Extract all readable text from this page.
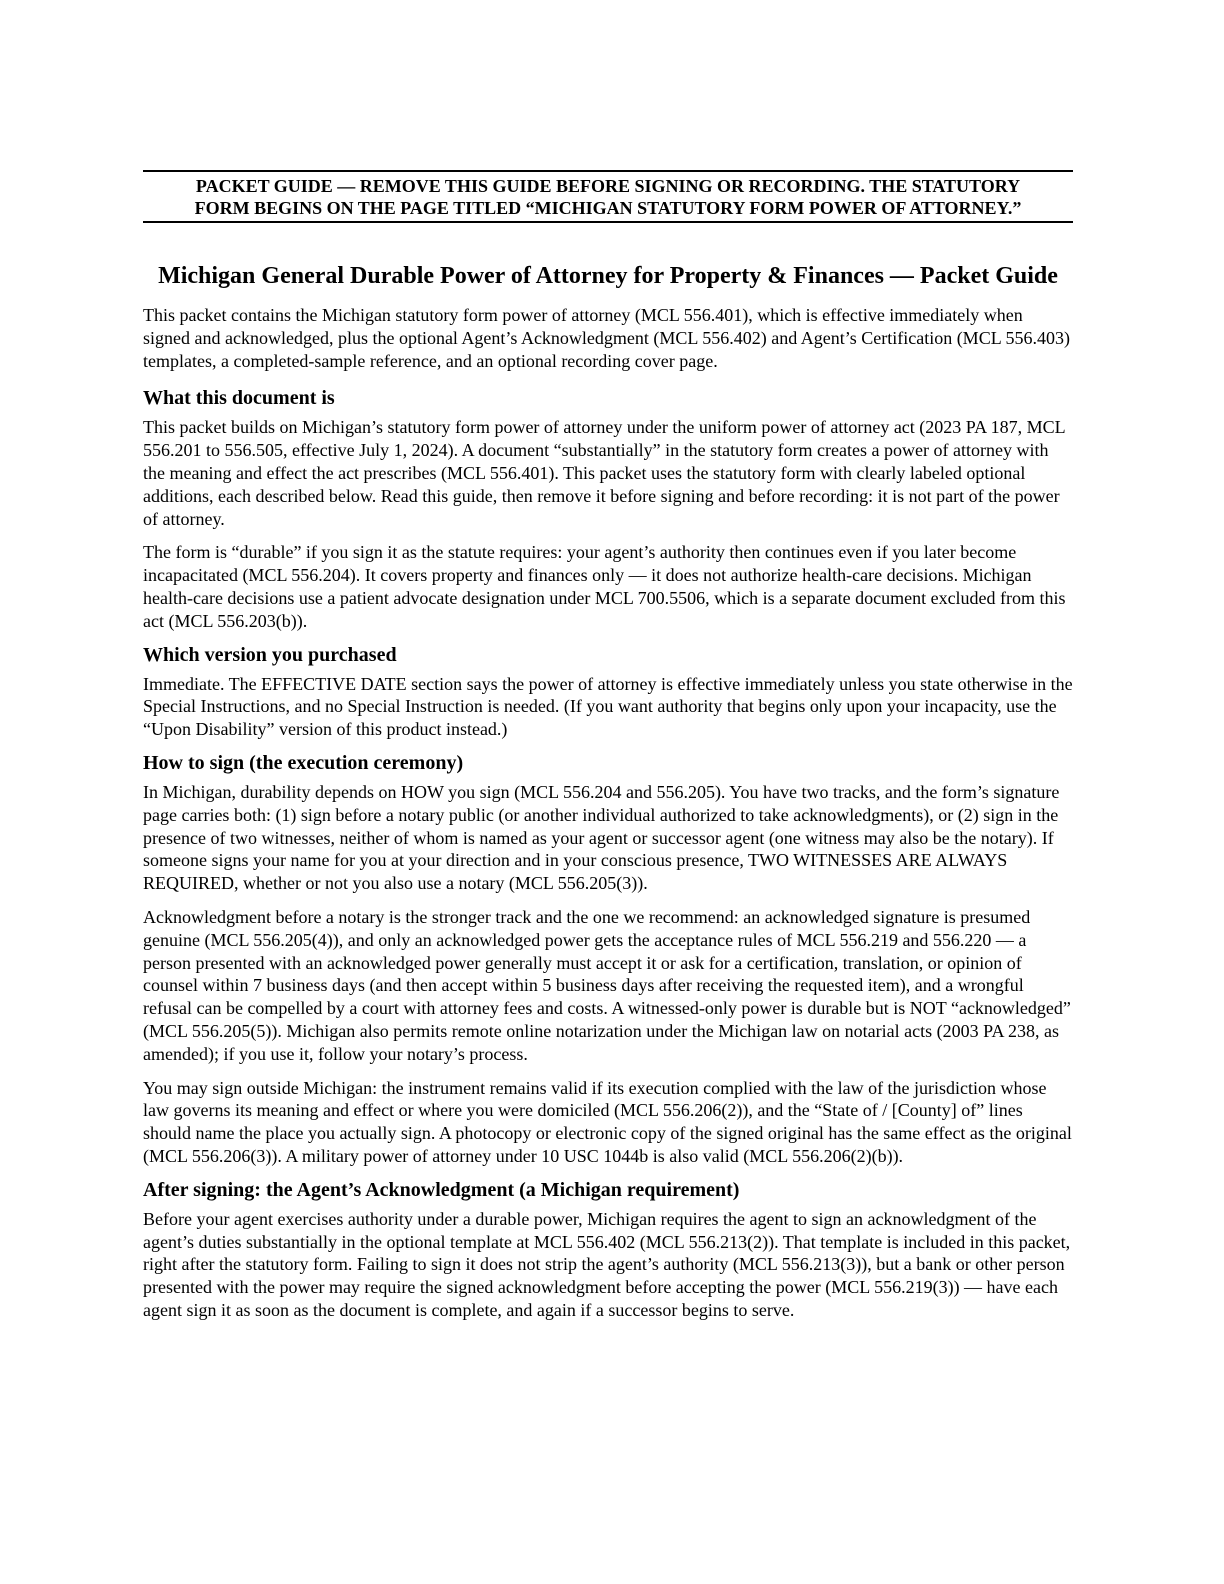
PACKET GUIDE — REMOVE THIS GUIDE BEFORE SIGNING OR RECORDING. THE STATUTORY
FORM BEGINS ON THE PAGE TITLED “MICHIGAN STATUTORY FORM POWER OF ATTORNEY.”
Michigan General Durable Power of Attorney for Property & Finances — Packet Guide

This packet contains the Michigan statutory form power of attorney (MCL 556.401), which is effective immediately when signed and acknowledged, plus the optional Agent’s Acknowledgment (MCL 556.402) and Agent’s Certification (MCL 556.403) templates, a completed-sample reference, and an optional recording cover page.

What this document is

This packet builds on Michigan’s statutory form power of attorney under the uniform power of attorney act (2023 PA 187, MCL 556.201 to 556.505, effective July 1, 2024). A document “substantially” in the statutory form creates a power of attorney with the meaning and effect the act prescribes (MCL 556.401). This packet uses the statutory form with clearly labeled optional additions, each described below. Read this guide, then remove it before signing and before recording: it is not part of the power of attorney.

The form is “durable” if you sign it as the statute requires: your agent’s authority then continues even if you later become incapacitated (MCL 556.204). It covers property and finances only — it does not authorize health-care decisions. Michigan health-care decisions use a patient advocate designation under MCL 700.5506, which is a separate document excluded from this act (MCL 556.203(b)).

Which version you purchased

Immediate. The EFFECTIVE DATE section says the power of attorney is effective immediately unless you state otherwise in the Special Instructions, and no Special Instruction is needed. (If you want authority that begins only upon your incapacity, use the “Upon Disability” version of this product instead.)

How to sign (the execution ceremony)

In Michigan, durability depends on HOW you sign (MCL 556.204 and 556.205). You have two tracks, and the form’s signature page carries both: (1) sign before a notary public (or another individual authorized to take acknowledgments), or (2) sign in the presence of two witnesses, neither of whom is named as your agent or successor agent (one witness may also be the notary). If someone signs your name for you at your direction and in your conscious presence, TWO WITNESSES ARE ALWAYS REQUIRED, whether or not you also use a notary (MCL 556.205(3)).

Acknowledgment before a notary is the stronger track and the one we recommend: an acknowledged signature is presumed genuine (MCL 556.205(4)), and only an acknowledged power gets the acceptance rules of MCL 556.219 and 556.220 — a person presented with an acknowledged power generally must accept it or ask for a certification, translation, or opinion of counsel within 7 business days (and then accept within 5 business days after receiving the requested item), and a wrongful refusal can be compelled by a court with attorney fees and costs. A witnessed-only power is durable but is NOT “acknowledged” (MCL 556.205(5)). Michigan also permits remote online notarization under the Michigan law on notarial acts (2003 PA 238, as amended); if you use it, follow your notary’s process.

You may sign outside Michigan: the instrument remains valid if its execution complied with the law of the jurisdiction whose law governs its meaning and effect or where you were domiciled (MCL 556.206(2)), and the “State of / [County] of” lines should name the place you actually sign. A photocopy or electronic copy of the signed original has the same effect as the original (MCL 556.206(3)). A military power of attorney under 10 USC 1044b is also valid (MCL 556.206(2)(b)).

After signing: the Agent’s Acknowledgment (a Michigan requirement)

Before your agent exercises authority under a durable power, Michigan requires the agent to sign an acknowledgment of the agent’s duties substantially in the optional template at MCL 556.402 (MCL 556.213(2)). That template is included in this packet, right after the statutory form. Failing to sign it does not strip the agent’s authority (MCL 556.213(3)), but a bank or other person presented with the power may require the signed acknowledgment before accepting the power (MCL 556.219(3)) — have each agent sign it as soon as the document is complete, and again if a successor begins to serve.
